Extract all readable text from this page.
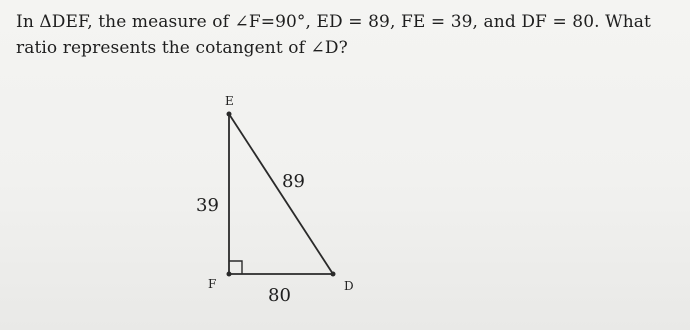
In ΔDEF, the measure of ∠F=90°, ED = 89, FE = 39, and DF = 80. What ratio represents the cotangent of ∠D?
E
F	D
89
39
80
